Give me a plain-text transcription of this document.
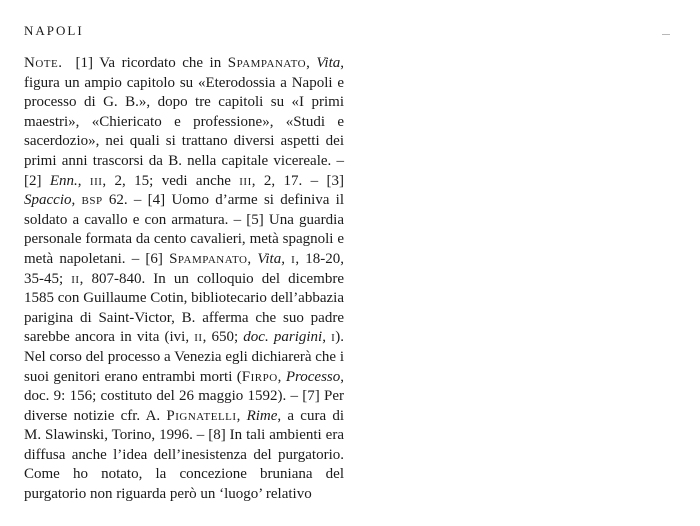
NAPOLI

Note. [1] Va ricordato che in Spampanato, Vita, figura un ampio capitolo su «Eterodossia a Napoli e processo di G. B.», dopo tre capitoli su «I primi maestri», «Chiericato e professione», «Studi e sacerdozio», nei quali si trattano diversi aspetti dei primi anni trascorsi da B. nella capitale vicereale. – [2] Enn., iii, 2, 15; vedi anche iii, 2, 17. – [3] Spaccio, bsp 62. – [4] Uomo d’arme si definiva il soldato a cavallo e con armatura. – [5] Una guardia personale formata da cento cavalieri, metà spagnoli e metà napoletani. – [6] Spampanato, Vita, i, 18-20, 35-45; ii, 807-840. In un colloquio del dicembre 1585 con Guillaume Cotin, bibliotecario dell’abbazia parigina di Saint-Victor, B. afferma che suo padre sarebbe ancora in vita (ivi, ii, 650; doc. parigini, i). Nel corso del processo a Venezia egli dichiarerà che i suoi genitori erano entrambi morti (Firpo, Processo, doc. 9: 156; costituto del 26 maggio 1592). – [7] Per diverse notizie cfr. A. Pignatelli, Rime, a cura di M. Slawinski, Torino, 1996. – [8] In tali ambienti era diffusa anche l’idea dell’inesistenza del purgatorio. Come ho notato, la concezione bruniana del purgatorio non riguarda però un ‘luogo’ relativo
